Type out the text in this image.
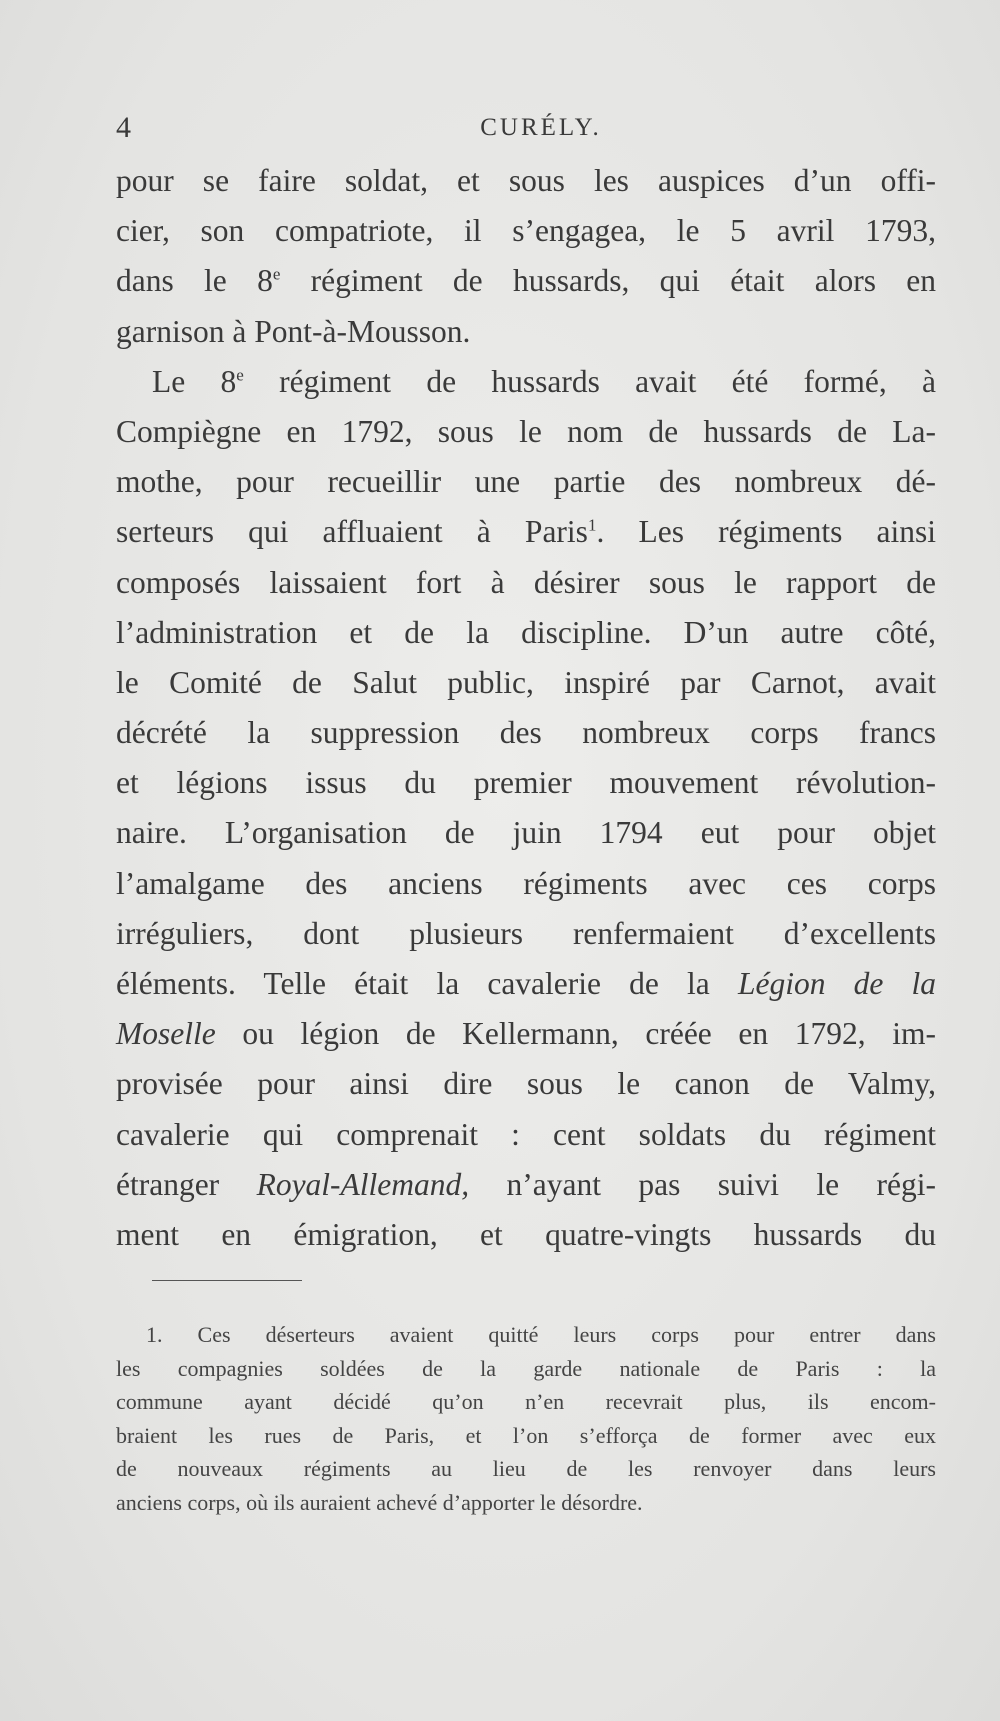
4	CURÉLY.
pour se faire soldat, et sous les auspices d’un offi-
cier, son compatriote, il s’engagea, le 5 avril 1793,
dans le 8e régiment de hussards, qui était alors en
garnison à Pont-à-Mousson.
Le 8e régiment de hussards avait été formé, à
Compiègne en 1792, sous le nom de hussards de La-
mothe, pour recueillir une partie des nombreux dé-
serteurs qui affluaient à Paris$^1$. Les régiments ainsi
composés laissaient fort à désirer sous le rapport de
l’administration et de la discipline. D’un autre côté,
le Comité de Salut public, inspiré par Carnot, avait
décrété la suppression des nombreux corps francs
et légions issus du premier mouvement révolution-
naire. L’organisation de juin 1794 eut pour objet
l’amalgame des anciens régiments avec ces corps
irréguliers, dont plusieurs renfermaient d’excellents
éléments. Telle était la cavalerie de la Légion de la
Moselle ou légion de Kellermann, créée en 1792, im-
provisée pour ainsi dire sous le canon de Valmy,
cavalerie qui comprenait : cent soldats du régiment
étranger Royal-Allemand, n’ayant pas suivi le régi-
ment en émigration, et quatre-vingts hussards du
1. Ces déserteurs avaient quitté leurs corps pour entrer dans
les compagnies soldées de la garde nationale de Paris : la
commune ayant décidé qu’on n’en recevrait plus, ils encom-
braient les rues de Paris, et l’on s’efforça de former avec eux
de nouveaux régiments au lieu de les renvoyer dans leurs
anciens corps, où ils auraient achevé d’apporter le désordre.
